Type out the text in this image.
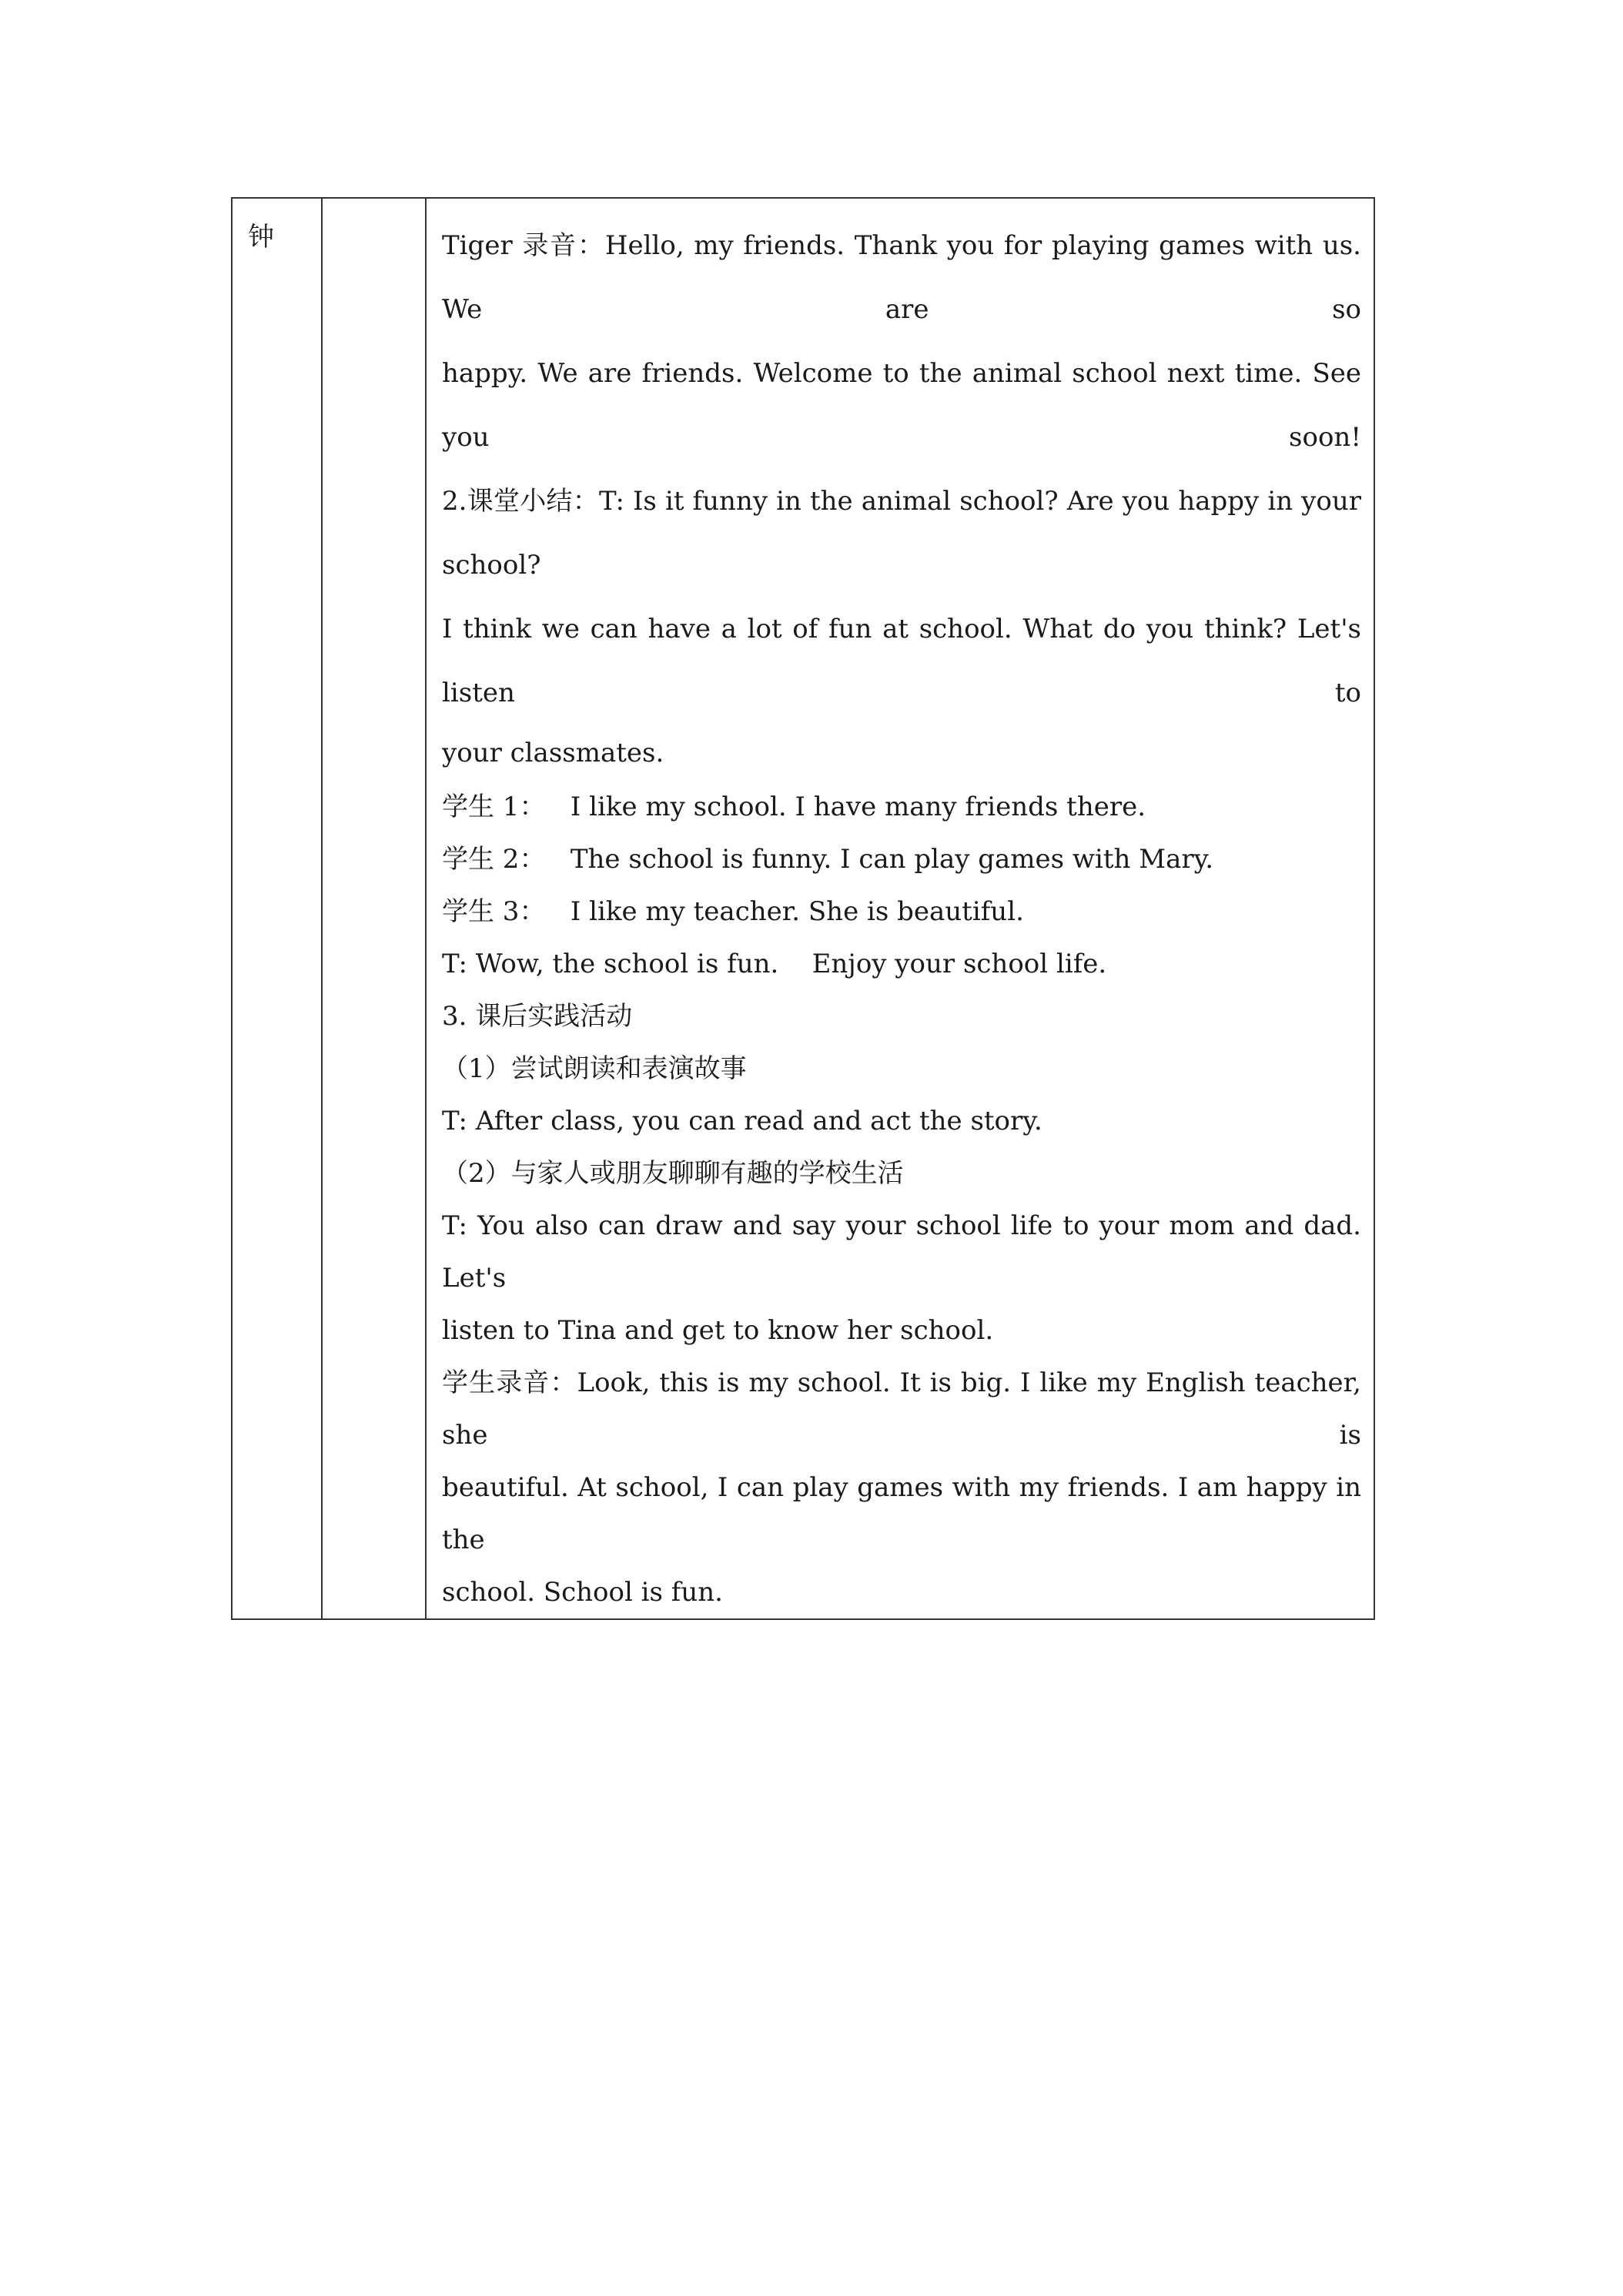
钟		Tiger 录音：Hello, my friends. Thank you for playing games with us. We are so

happy. We are friends. Welcome to the animal school next time. See you soon!

2.课堂小结：T: Is it funny in the animal school? Are you happy in your school?

I think we can have a lot of fun at school. What do you think? Let's listen to

your classmates.

学生 1：   I like my school. I have many friends there.

学生 2：   The school is funny. I can play games with Mary.

学生 3：   I like my teacher. She is beautiful.

T: Wow, the school is fun.    Enjoy your school life.

3. 课后实践活动

（1）尝试朗读和表演故事

T: After class, you can read and act the story.

（2）与家人或朋友聊聊有趣的学校生活

T: You also can draw and say your school life to your mom and dad. Let's

listen to Tina and get to know her school.

学生录音：Look, this is my school. It is big. I like my English teacher, she is

beautiful. At school, I can play games with my friends. I am happy in the

school. School is fun.
